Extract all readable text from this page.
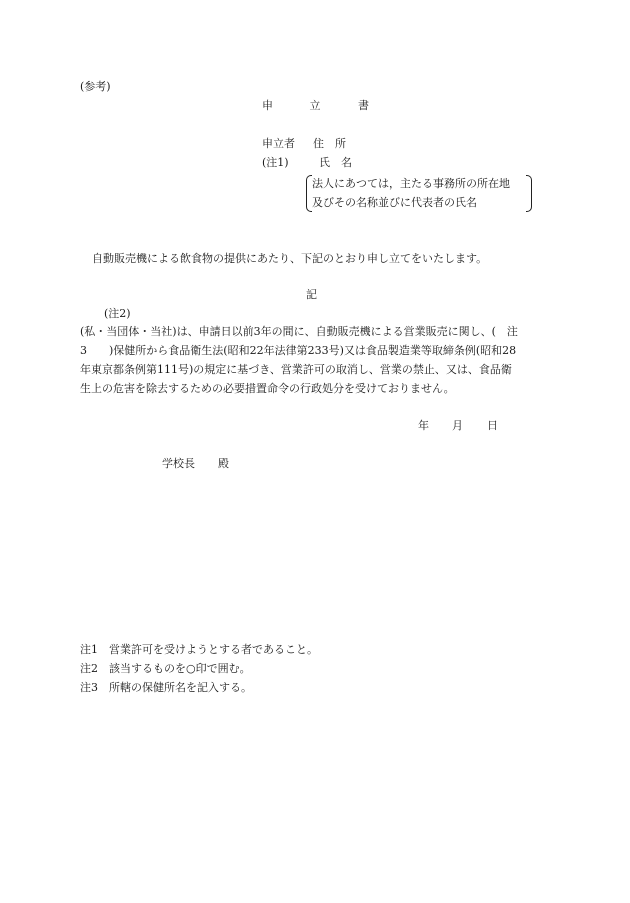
(参考)
申	立	書
申立者 住　所
(注1)	氏　名
法人にあつては，主たる事務所の所在地
及びその名称並びに代表者の氏名
自動販売機による飲食物の提供にあたり、下記のとおり申し立てをいたします。
記
(注2)
(私・当団体・当社)は、申請日以前3年の間に、自動販売機による営業販売に関し、(　注
3　　)保健所から食品衛生法(昭和22年法律第233号)又は食品製造業等取締条例(昭和28
年東京都条例第111号)の規定に基づき、営業許可の取消し、営業の禁止、又は、食品衛
生上の危害を除去するための必要措置命令の行政処分を受けておりません。
年 月 日
学校長 殿
注1　営業許可を受けようとする者であること。
注2　該当するものを○印で囲む。
注3　所轄の保健所名を記入する。
